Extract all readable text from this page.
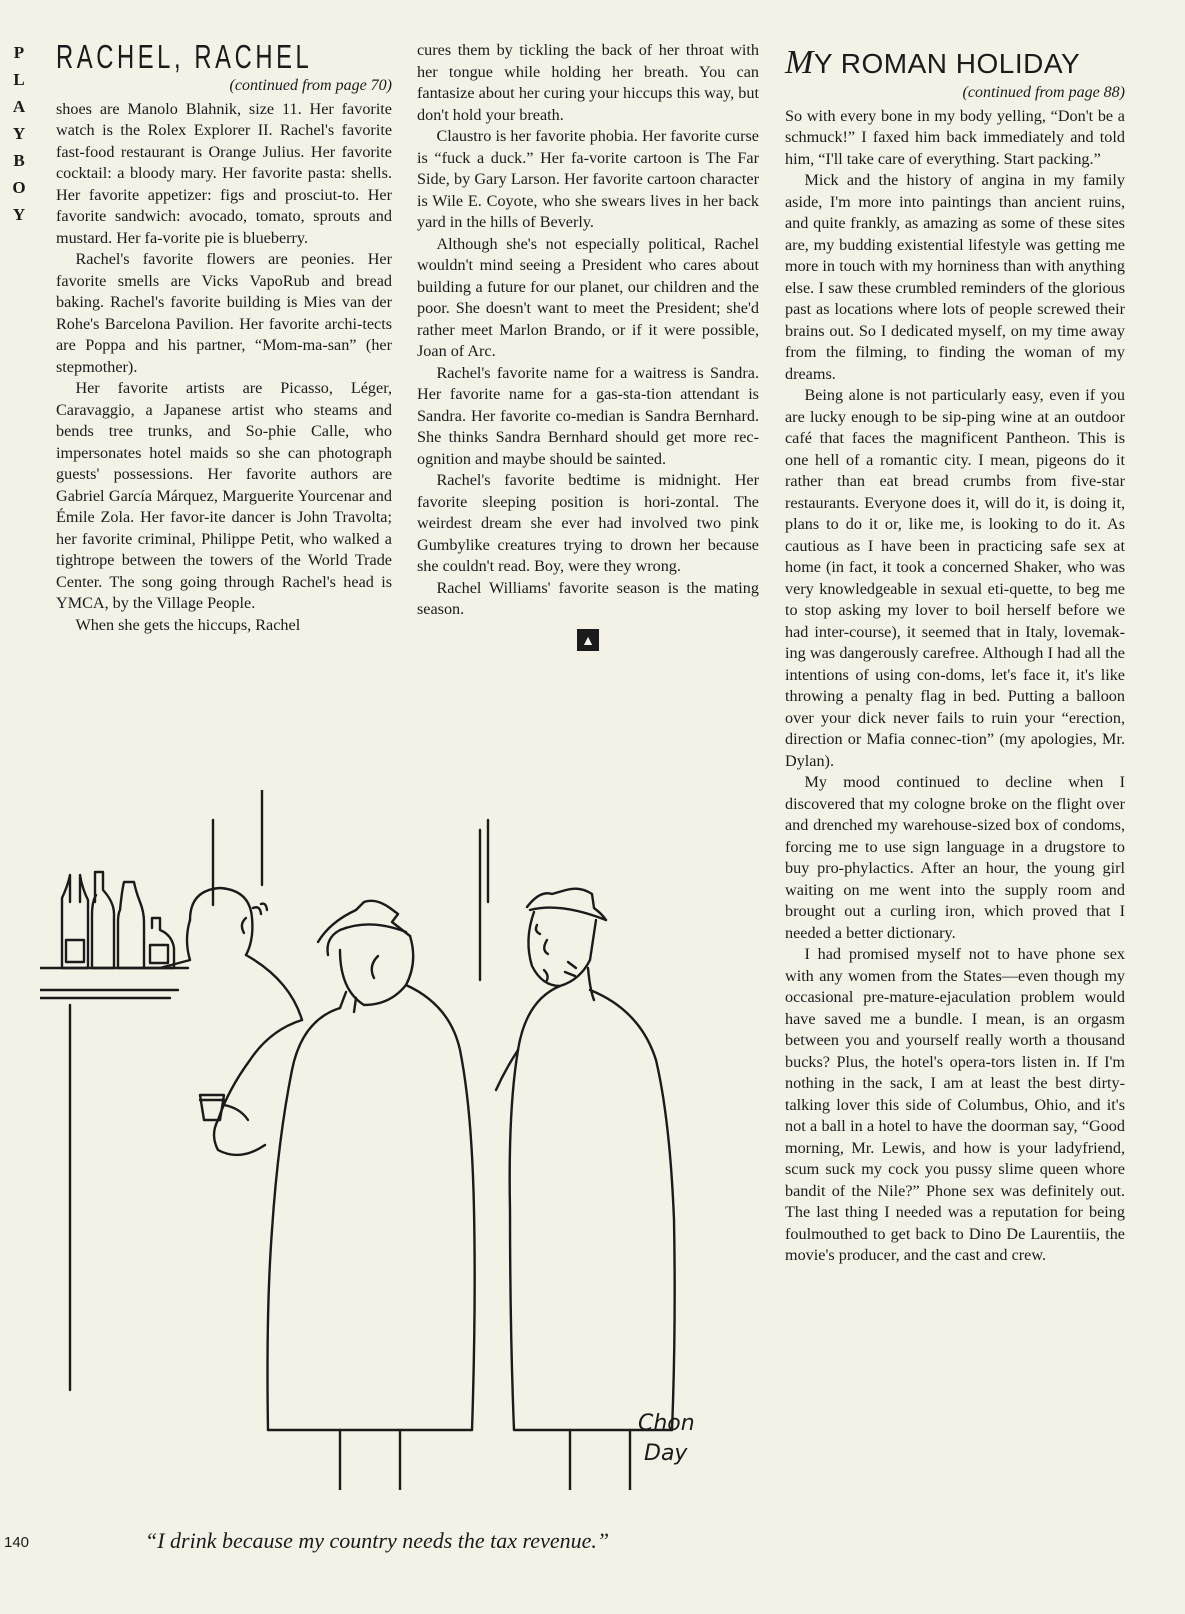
P
L
A
Y
B
O
Y
RACHEL, RACHEL
(continued from page 70)

shoes are Manolo Blahnik, size 11. Her favorite watch is the Rolex Explorer II. Rachel's favorite fast-food restaurant is Orange Julius. Her favorite cocktail: a bloody mary. Her favorite pasta: shells. Her favorite appetizer: figs and prosciut-to. Her favorite sandwich: avocado, tomato, sprouts and mustard. Her fa-vorite pie is blueberry.

Rachel's favorite flowers are peonies. Her favorite smells are Vicks VapoRub and bread baking. Rachel's favorite building is Mies van der Rohe's Barcelona Pavilion. Her favorite archi-tects are Poppa and his partner, “Mom-ma-san” (her stepmother).

Her favorite artists are Picasso, Léger, Caravaggio, a Japanese artist who steams and bends tree trunks, and So-phie Calle, who impersonates hotel maids so she can photograph guests' possessions. Her favorite authors are Gabriel García Márquez, Marguerite Yourcenar and Émile Zola. Her favor-ite dancer is John Travolta; her favorite criminal, Philippe Petit, who walked a tightrope between the towers of the World Trade Center. The song going through Rachel's head is YMCA, by the Village People.

When she gets the hiccups, Rachel

cures them by tickling the back of her throat with her tongue while holding her breath. You can fantasize about her curing your hiccups this way, but don't hold your breath.

Claustro is her favorite phobia. Her favorite curse is “fuck a duck.” Her fa-vorite cartoon is The Far Side, by Gary Larson. Her favorite cartoon character is Wile E. Coyote, who she swears lives in her back yard in the hills of Beverly.

Although she's not especially political, Rachel wouldn't mind seeing a President who cares about building a future for our planet, our children and the poor. She doesn't want to meet the President; she'd rather meet Marlon Brando, or if it were possible, Joan of Arc.

Rachel's favorite name for a waitress is Sandra. Her favorite name for a gas-sta-tion attendant is Sandra. Her favorite co-median is Sandra Bernhard. She thinks Sandra Bernhard should get more rec-ognition and maybe should be sainted.

Rachel's favorite bedtime is midnight. Her favorite sleeping position is hori-zontal. The weirdest dream she ever had involved two pink Gumbylike creatures trying to drown her because she couldn't read. Boy, were they wrong.

Rachel Williams' favorite season is the mating season.

▲
MY ROMAN HOLIDAY
(continued from page 88)

So with every bone in my body yelling, “Don't be a schmuck!” I faxed him back immediately and told him, “I'll take care of everything. Start packing.”

Mick and the history of angina in my family aside, I'm more into paintings than ancient ruins, and quite frankly, as amazing as some of these sites are, my budding existential lifestyle was getting me more in touch with my horniness than with anything else. I saw these crumbled reminders of the glorious past as locations where lots of people screwed their brains out. So I dedicated myself, on my time away from the filming, to finding the woman of my dreams.

Being alone is not particularly easy, even if you are lucky enough to be sip-ping wine at an outdoor café that faces the magnificent Pantheon. This is one hell of a romantic city. I mean, pigeons do it rather than eat bread crumbs from five-star restaurants. Everyone does it, will do it, is doing it, plans to do it or, like me, is looking to do it. As cautious as I have been in practicing safe sex at home (in fact, it took a concerned Shaker, who was very knowledgeable in sexual eti-quette, to beg me to stop asking my lover to boil herself before we had inter-course), it seemed that in Italy, lovemak-ing was dangerously carefree. Although I had all the intentions of using con-doms, let's face it, it's like throwing a penalty flag in bed. Putting a balloon over your dick never fails to ruin your “erection, direction or Mafia connec-tion” (my apologies, Mr. Dylan).

My mood continued to decline when I discovered that my cologne broke on the flight over and drenched my warehouse-sized box of condoms, forcing me to use sign language in a drugstore to buy pro-phylactics. After an hour, the young girl waiting on me went into the supply room and brought out a curling iron, which proved that I needed a better dictionary.

I had promised myself not to have phone sex with any women from the States—even though my occasional pre-mature-ejaculation problem would have saved me a bundle. I mean, is an orgasm between you and yourself really worth a thousand bucks? Plus, the hotel's opera-tors listen in. If I'm nothing in the sack, I am at least the best dirty-talking lover this side of Columbus, Ohio, and it's not a ball in a hotel to have the doorman say, “Good morning, Mr. Lewis, and how is your ladyfriend, scum suck my cock you pussy slime queen whore bandit of the Nile?” Phone sex was definitely out. The last thing I needed was a reputation for being foulmouthed to get back to Dino De Laurentiis, the movie's producer, and the cast and crew.

Chon
Day
“I drink because my country needs the tax revenue.”
140
